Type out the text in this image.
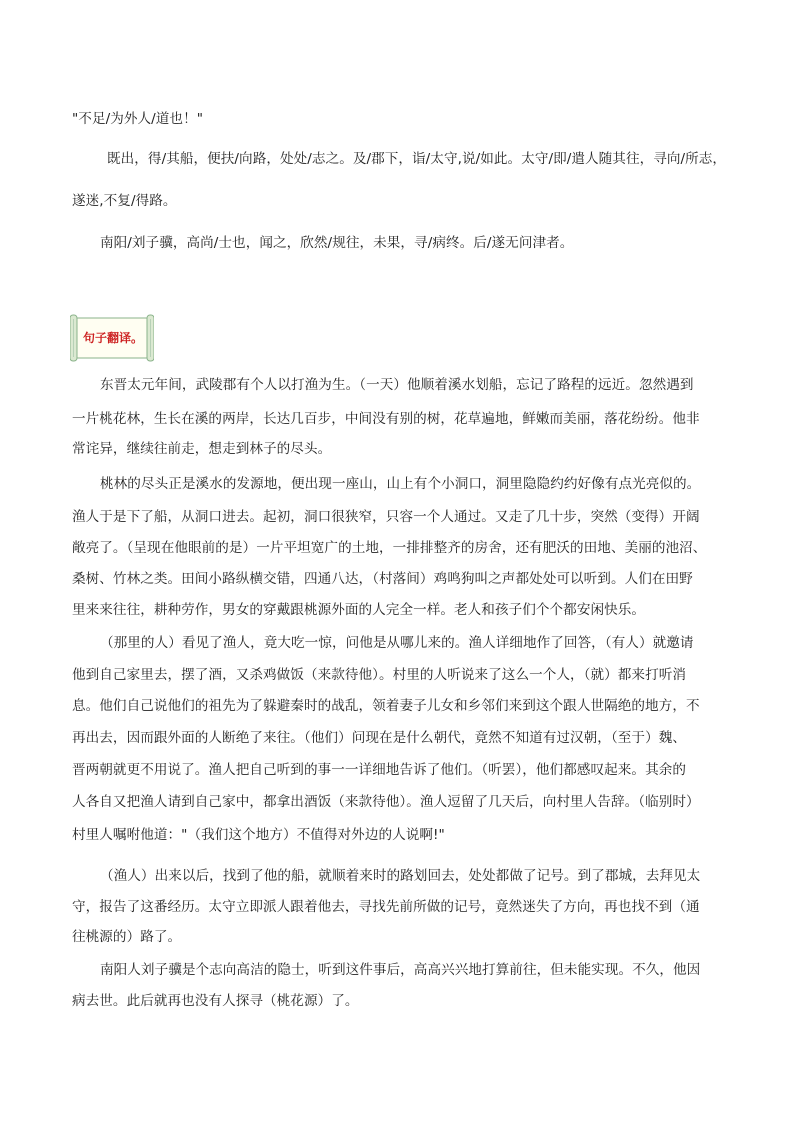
"不足/为外人/道也！"
既出，得/其船，便扶/向路，处处/志之。及/郡下，诣/太守,说/如此。太守/即/遣人随其往，寻向/所志，
遂迷,不复/得路。
南阳/刘子骥，高尚/士也，闻之，欣然/规往，未果，寻/病终。后/遂无问津者。
句子翻译。
东晋太元年间，武陵郡有个人以打渔为生。（一天）他顺着溪水划船，忘记了路程的远近。忽然遇到
一片桃花林，生长在溪的两岸，长达几百步，中间没有别的树，花草遍地，鲜嫩而美丽，落花纷纷。他非
常诧异，继续往前走，想走到林子的尽头。
桃林的尽头正是溪水的发源地，便出现一座山，山上有个小洞口，洞里隐隐约约好像有点光亮似的。
渔人于是下了船，从洞口进去。起初，洞口很狭窄，只容一个人通过。又走了几十步，突然（变得）开阔
敞亮了。（呈现在他眼前的是）一片平坦宽广的土地，一排排整齐的房舍，还有肥沃的田地、美丽的池沼、
桑树、竹林之类。田间小路纵横交错，四通八达，（村落间）鸡鸣狗叫之声都处处可以听到。人们在田野
里来来往往，耕种劳作，男女的穿戴跟桃源外面的人完全一样。老人和孩子们个个都安闲快乐。
（那里的人）看见了渔人，竟大吃一惊，问他是从哪儿来的。渔人详细地作了回答，（有人）就邀请
他到自己家里去，摆了酒，又杀鸡做饭（来款待他）。村里的人听说来了这么一个人，（就）都来打听消
息。他们自己说他们的祖先为了躲避秦时的战乱，领着妻子儿女和乡邻们来到这个跟人世隔绝的地方，不
再出去，因而跟外面的人断绝了来往。（他们）问现在是什么朝代，竟然不知道有过汉朝，（至于）魏、
晋两朝就更不用说了。渔人把自己听到的事一一详细地告诉了他们。（听罢），他们都感叹起来。其余的
人各自又把渔人请到自己家中，都拿出酒饭（来款待他）。渔人逗留了几天后，向村里人告辞。（临别时）
村里人嘱咐他道："（我们这个地方）不值得对外边的人说啊!"
（渔人）出来以后，找到了他的船，就顺着来时的路划回去，处处都做了记号。到了郡城，去拜见太
守，报告了这番经历。太守立即派人跟着他去，寻找先前所做的记号，竟然迷失了方向，再也找不到（通
往桃源的）路了。
南阳人刘子骥是个志向高洁的隐士，听到这件事后，高高兴兴地打算前往，但未能实现。不久，他因
病去世。此后就再也没有人探寻（桃花源）了。
